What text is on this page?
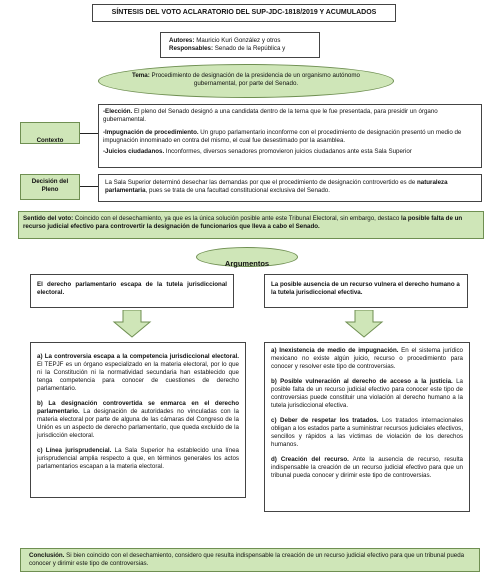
SÍNTESIS DEL VOTO ACLARATORIO DEL SUP-JDC-1818/2019 Y ACUMULADOS

Autores: Mauricio Kuri González y otros

Responsables: Senado de la República y

Tema: Procedimiento de designación de la presidencia de un organismo autónomo gubernamental, por parte del Senado.

Contexto

-Elección. El pleno del Senado designó a una candidata dentro de la terna que le fue presentada, para presidir un órgano gubernamental.

-Impugnación de procedimiento. Un grupo parlamentario inconforme con el procedimiento de designación presentó un medio de impugnación innominado en contra del mismo, el cual fue desestimado por la asamblea.

-Juicios ciudadanos. Inconformes, diversos senadores promovieron juicios ciudadanos ante esta Sala Superior

Decisión del Pleno

La Sala Superior determinó desechar las demandas por que el procedimiento de designación controvertido es de naturaleza parlamentaria, pues se trata de una facultad constitucional exclusiva del Senado.

Sentido del voto: Coincido con el desechamiento, ya que es la única solución posible ante este Tribunal Electoral, sin embargo, destaco la posible falta de un recurso judicial efectivo para controvertir la designación de funcionarios que lleva a cabo el Senado.

Argumentos

El derecho parlamentario escapa de la tutela jurisdiccional electoral.

La posible ausencia de un recurso vulnera el derecho humano a la tutela jurisdiccional efectiva.

a) La controversia escapa a la competencia jurisdiccional electoral. El TEPJF es un órgano especializado en la materia electoral, por lo que ni la Constitución ni la normatividad secundaria han establecido que tenga competencia para conocer de cuestiones de derecho parlamentario.

b) La designación controvertida se enmarca en el derecho parlamentario. La designación de autoridades no vinculadas con la materia electoral por parte de alguna de las cámaras del Congreso de la Unión es un aspecto de derecho parlamentario, que queda excluido de la jurisdicción electoral.

c) Línea jurisprudencial. La Sala Superior ha establecido una línea jurisprudencial amplia respecto a que, en términos generales los actos parlamentarios escapan a la materia electoral.

a) Inexistencia de medio de impugnación. En el sistema jurídico mexicano no existe algún juicio, recurso o procedimiento para conocer y resolver este tipo de controversias.

b) Posible vulneración al derecho de acceso a la justicia. La posible falta de un recurso judicial efectivo para conocer este tipo de controversias puede constituir una violación al derecho humano a la tutela jurisdiccional efectiva.

c) Deber de respetar los tratados. Los tratados internacionales obligan a los estados parte a suministrar recursos judiciales efectivos, sencillos y rápidos a las víctimas de violación de los derechos humanos.

d) Creación del recurso. Ante la ausencia de recurso, resulta indispensable la creación de un recurso judicial efectivo para que un tribunal pueda conocer y dirimir este tipo de controversias.

Conclusión. Si bien coincido con el desechamiento, considero que resulta indispensable la creación de un recurso judicial efectivo para que un tribunal pueda conocer y dirimir este tipo de controversias.
